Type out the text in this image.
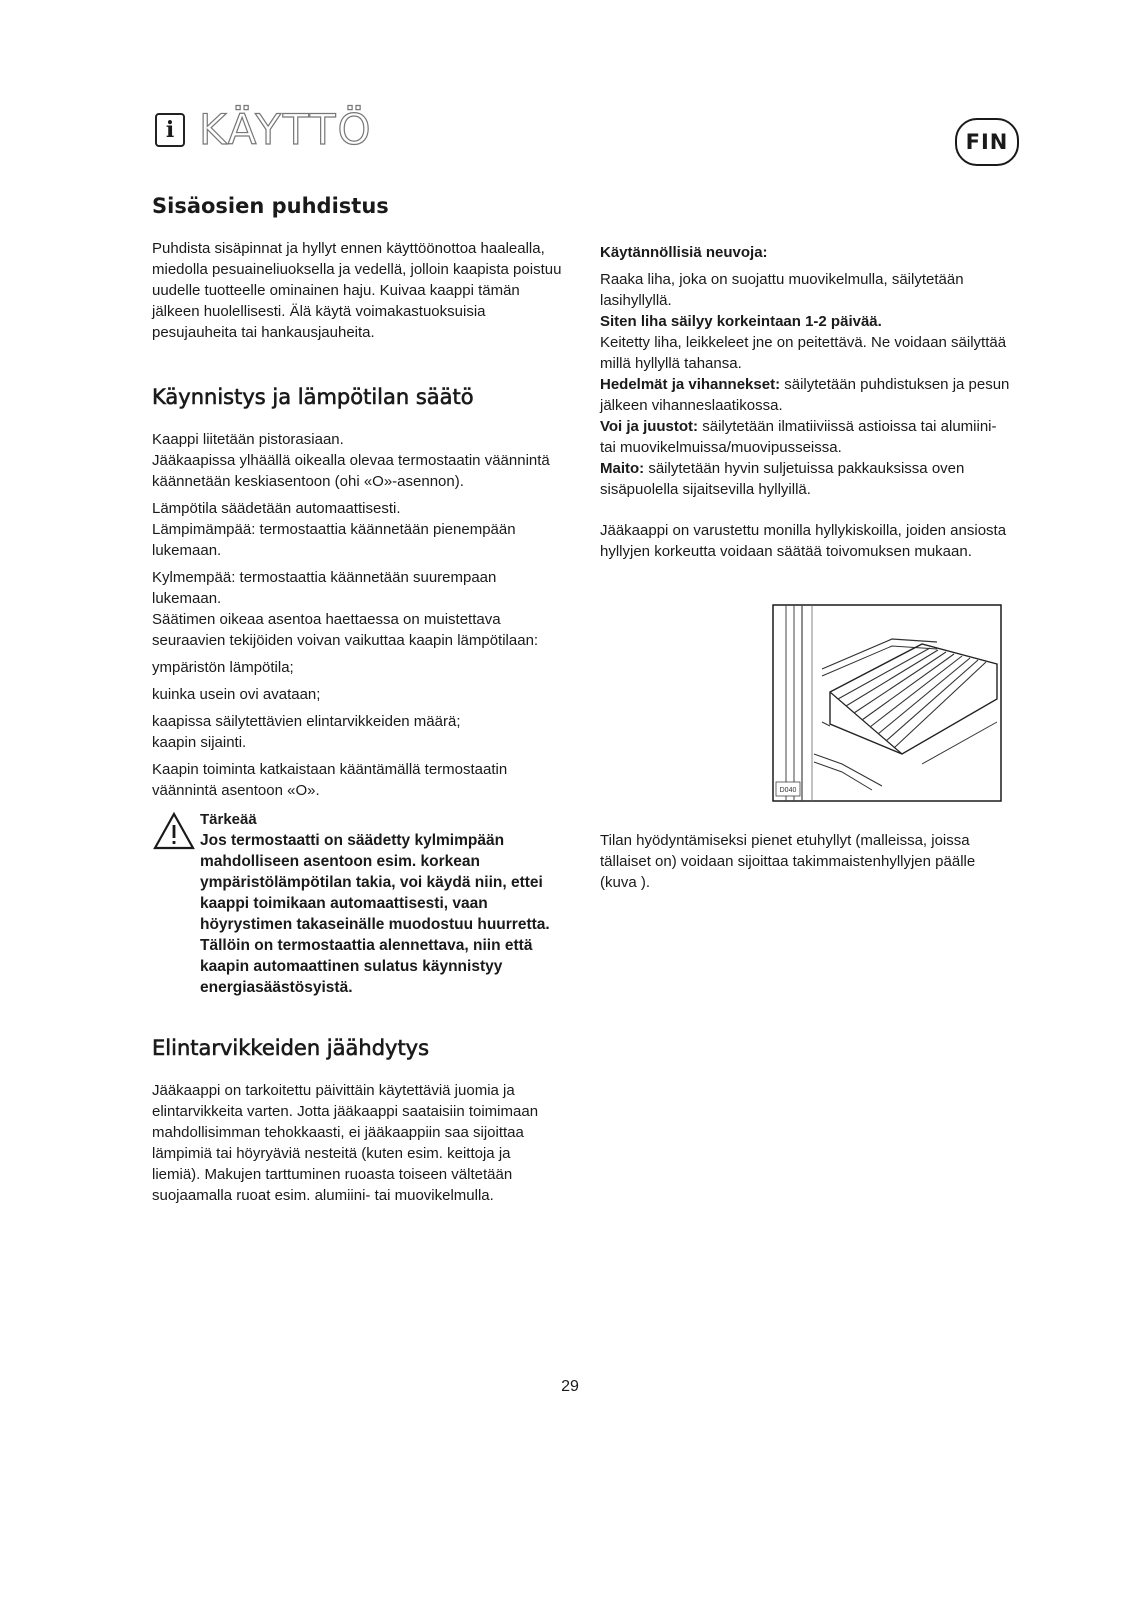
i KÄYTTÖ	FIN
Sisäosien puhdistus

Puhdista sisäpinnat ja hyllyt ennen käyttöönottoa haalealla, miedolla pesuaineliuoksella ja vedellä, jolloin kaapista poistuu uudelle tuotteelle ominainen haju. Kuivaa kaappi tämän jälkeen huolellisesti. Älä käytä voimakastuoksuisia pesujauheita tai hankausjauheita.

Käynnistys ja lämpötilan säätö

Kaappi liitetään pistorasiaan.

Jääkaapissa ylhäällä oikealla olevaa termostaatin väännintä käännetään keskiasentoon (ohi «O»-asennon).

Lämpötila säädetään automaattisesti.

Lämpimämpää: termostaattia käännetään pienempään lukemaan.

Kylmempää: termostaattia käännetään suurempaan lukemaan.

Säätimen oikeaa asentoa haettaessa on muistettava seuraavien tekijöiden voivan vaikuttaa kaapin lämpötilaan:

ympäristön lämpötila;

kuinka usein ovi avataan;

kaapissa säilytettävien elintarvikkeiden määrä;

kaapin sijainti.

Kaapin toiminta katkaistaan kääntämällä termostaatin väännintä asentoon «O».

Tärkeää
Jos termostaatti on säädetty kylmimpään mahdolliseen asentoon esim. korkean ympäristölämpötilan takia, voi käydä niin, ettei kaappi toimikaan automaattisesti, vaan höyrystimen takaseinälle muodostuu huurretta. Tällöin on termostaattia alennettava, niin että kaapin automaattinen sulatus käynnistyy energiasäästösyistä.
Elintarvikkeiden jäähdytys

Jääkaappi on tarkoitettu päivittäin käytettäviä juomia ja elintarvikkeita varten. Jotta jääkaappi saataisiin toimimaan mahdollisimman tehokkaasti, ei jääkaappiin saa sijoittaa lämpimiä tai höyryäviä nesteitä (kuten esim. keittoja ja liemiä). Makujen tarttuminen ruoasta toiseen vältetään suojaamalla ruoat esim. alumiini- tai muovikelmulla.

Käytännöllisiä neuvoja:

Raaka liha, joka on suojattu muovikelmulla, säilytetään lasihyllyllä.

Siten liha säilyy korkeintaan 1-2 päivää.

Keitetty liha, leikkeleet jne on peitettävä. Ne voidaan säilyttää millä hyllyllä tahansa.

Hedelmät ja vihannekset: säilytetään puhdistuksen ja pesun jälkeen vihanneslaatikossa.

Voi ja juustot: säilytetään ilmatiiviissä astioissa tai alumiini-tai muovikelmuissa/muovipusseissa.

Maito: säilytetään hyvin suljetuissa pakkauksissa oven sisäpuolella sijaitsevilla hyllyillä.

Jääkaappi on varustettu monilla hyllykiskoilla, joiden ansiosta hyllyjen korkeutta voidaan säätää toivomuksen mukaan.

D040

Tilan hyödyntämiseksi pienet etuhyllyt (malleissa, joissa tällaiset on) voidaan sijoittaa takimmaistenhyllyjen päälle (kuva ).

29
